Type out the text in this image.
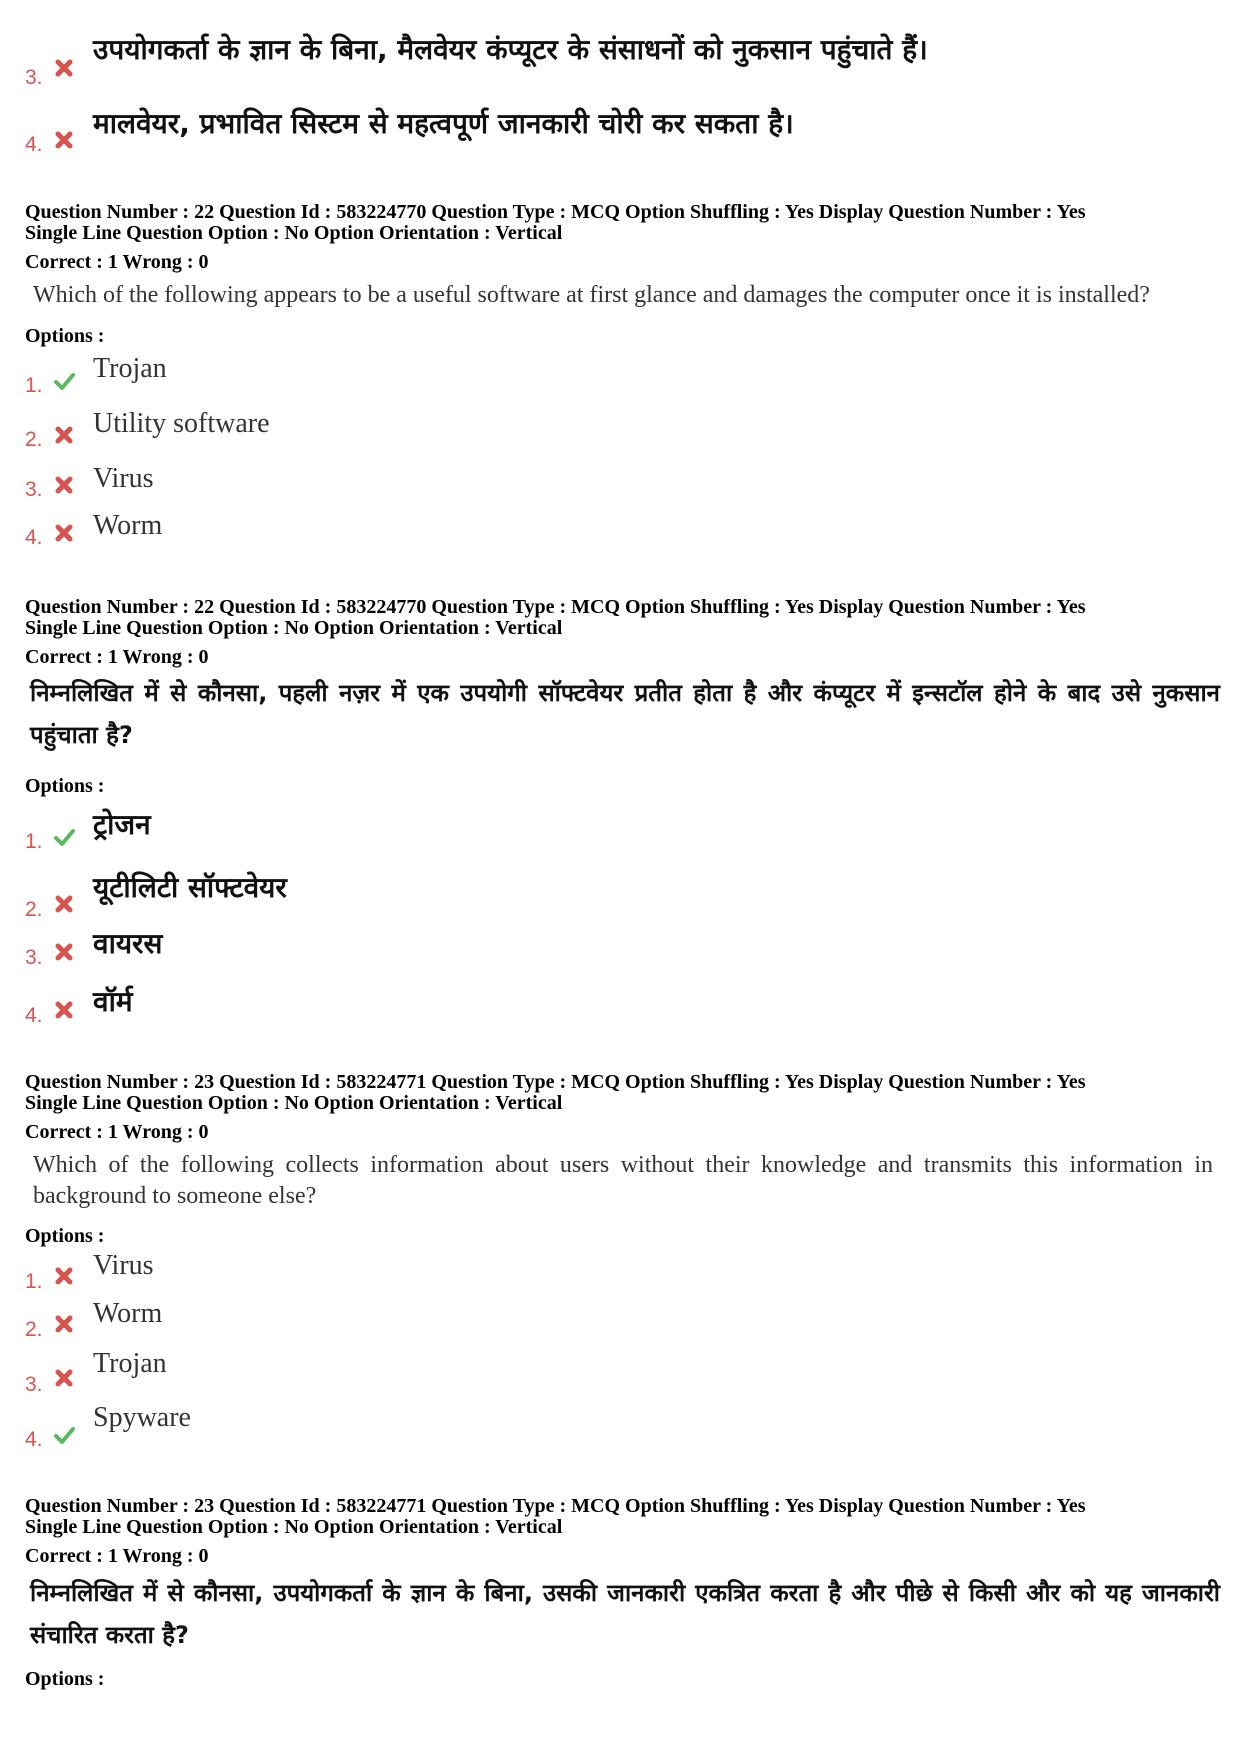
3.
उपयोगकर्ता के ज्ञान के बिना, मैलवेयर कंप्यूटर के संसाधनों को नुकसान पहुंचाते हैं।
4.
मालवेयर, प्रभावित सिस्टम से महत्वपूर्ण जानकारी चोरी कर सकता है।
Question Number : 22 Question Id : 583224770 Question Type : MCQ Option Shuffling : Yes Display Question Number : Yes
Single Line Question Option : No Option Orientation : Vertical
Correct : 1 Wrong : 0
Which of the following appears to be a useful software at first glance and damages the computer once it is installed?
Options :
1.
Trojan
2.
Utility software
3. Virus
4. Worm
Question Number : 22 Question Id : 583224770 Question Type : MCQ Option Shuffling : Yes Display Question Number : Yes
Single Line Question Option : No Option Orientation : Vertical
Correct : 1 Wrong : 0
निम्नलिखित में से कौनसा, पहली नज़र में एक उपयोगी सॉफ्टवेयर प्रतीत होता है और कंप्यूटर में इन्सटॉल होने के बाद उसे नुकसान पहुंचाता है?
Options :
1.
ट्रोजन
2.
यूटीलिटी सॉफ्टवेयर
3. वायरस
4. वॉर्म
Question Number : 23 Question Id : 583224771 Question Type : MCQ Option Shuffling : Yes Display Question Number : Yes
Single Line Question Option : No Option Orientation : Vertical
Correct : 1 Wrong : 0
Which of the following collects information about users without their knowledge and transmits this information in background to someone else?
Options :
1.
Virus
2.
Worm
3.
Trojan
4.
Spyware
Question Number : 23 Question Id : 583224771 Question Type : MCQ Option Shuffling : Yes Display Question Number : Yes
Single Line Question Option : No Option Orientation : Vertical
Correct : 1 Wrong : 0
निम्नलिखित में से कौनसा, उपयोगकर्ता के ज्ञान के बिना, उसकी जानकारी एकत्रित करता है और पीछे से किसी और को यह जानकारी संचारित करता है?
Options :
